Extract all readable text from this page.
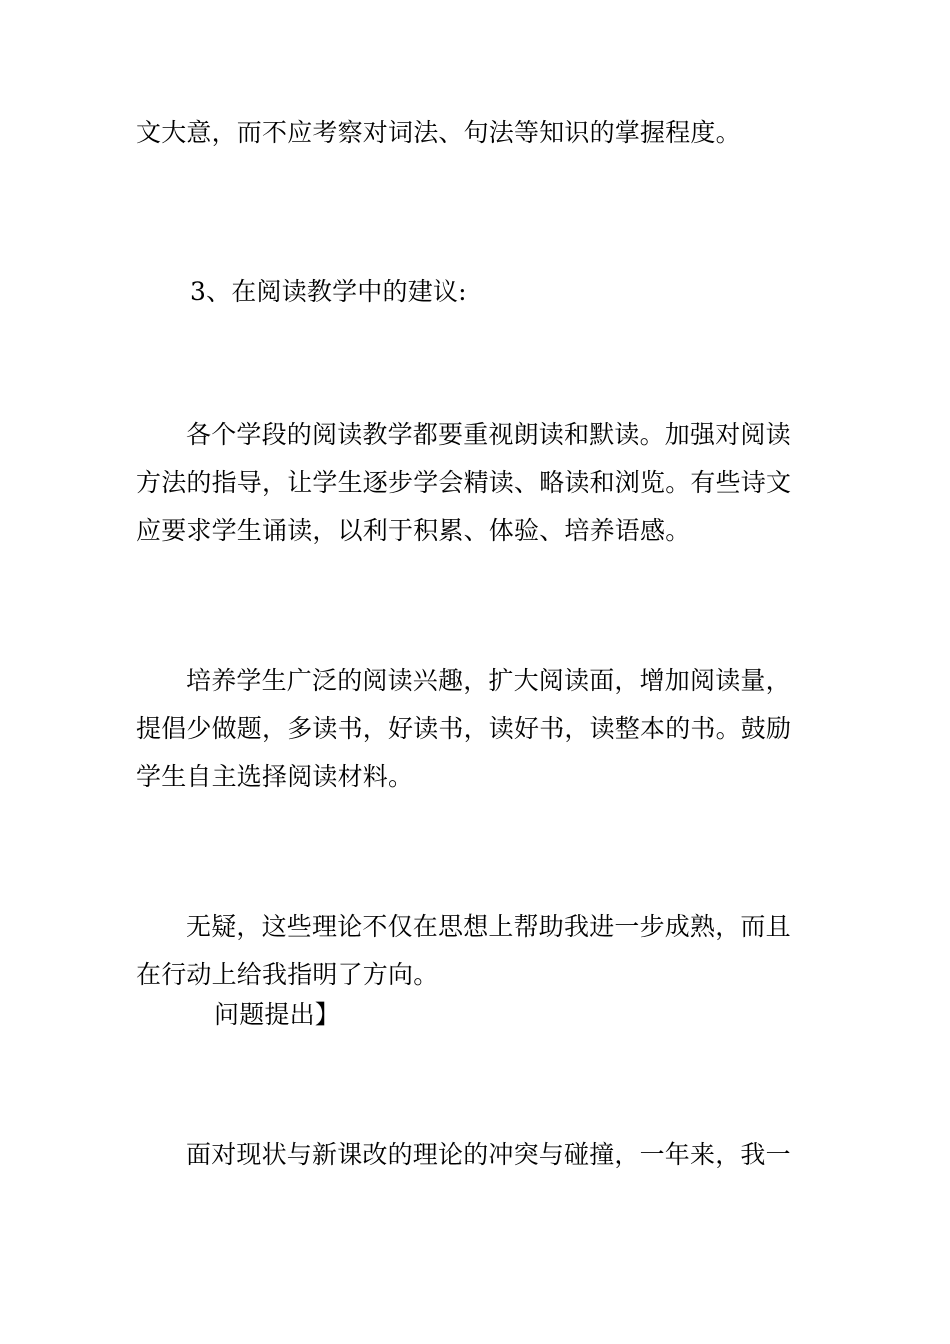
文大意，而不应考察对词法、句法等知识的掌握程度。
3、在阅读教学中的建议:
各个学段的阅读教学都要重视朗读和默读。加强对阅读
方法的指导，让学生逐步学会精读、略读和浏览。有些诗文
应要求学生诵读，以利于积累、体验、培养语感。
培养学生广泛的阅读兴趣，扩大阅读面，增加阅读量，
提倡少做题，多读书，好读书，读好书，读整本的书。鼓励
学生自主选择阅读材料。
无疑，这些理论不仅在思想上帮助我进一步成熟，而且
在行动上给我指明了方向。
问题提出】
面对现状与新课改的理论的冲突与碰撞，一年来，我一
